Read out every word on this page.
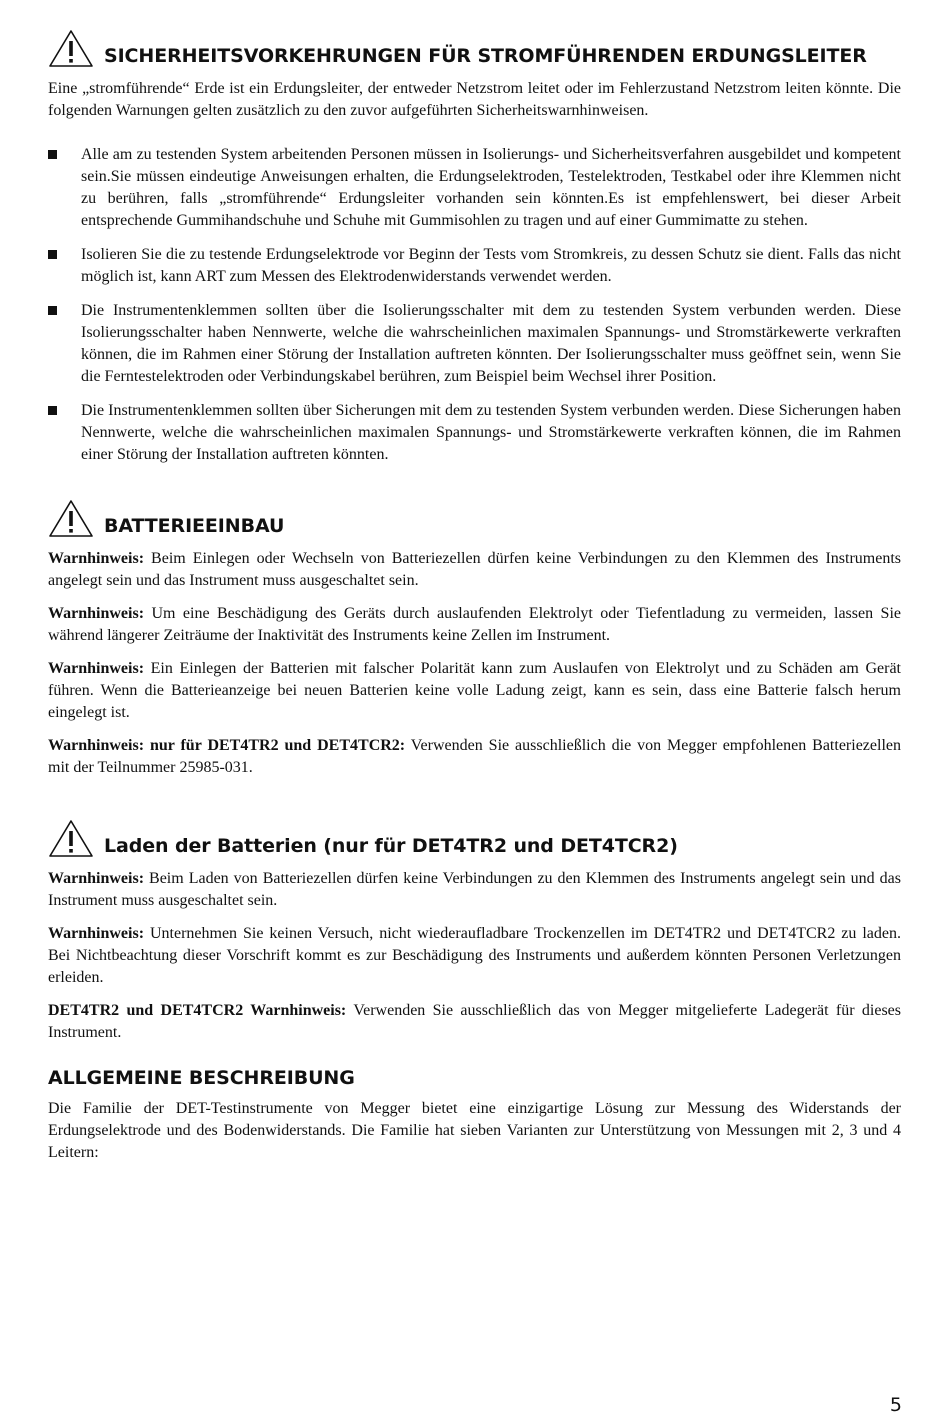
SICHERHEITSVORKEHRUNGEN FÜR STROMFÜHRENDEN ERDUNGSLEITER

Eine „stromführende“ Erde ist ein Erdungsleiter, der entweder Netzstrom leitet oder im Fehlerzustand Netzstrom leiten könnte. Die folgenden Warnungen gelten zusätzlich zu den zuvor aufgeführten Sicherheitswarnhinweisen.

Alle am zu testenden System arbeitenden Personen müssen in Isolierungs- und Sicherheitsverfahren ausgebildet und kompetent sein.Sie müssen eindeutige Anweisungen erhalten, die Erdungselektroden, Testelektroden, Testkabel oder ihre Klemmen nicht zu berühren, falls „stromführende“ Erdungsleiter vorhanden sein könnten.Es ist empfehlenswert, bei dieser Arbeit entsprechende Gummihandschuhe und Schuhe mit Gummisohlen zu tragen und auf einer Gummimatte zu stehen.
Isolieren Sie die zu testende Erdungselektrode vor Beginn der Tests vom Stromkreis, zu dessen Schutz sie dient. Falls das nicht möglich ist, kann ART zum Messen des Elektrodenwiderstands verwendet werden.
Die Instrumentenklemmen sollten über die Isolierungsschalter mit dem zu testenden System verbunden werden. Diese Isolierungsschalter haben Nennwerte, welche die wahrscheinlichen maximalen Spannungs- und Stromstärkewerte verkraften können, die im Rahmen einer Störung der Installation auftreten könnten. Der Isolierungsschalter muss geöffnet sein, wenn Sie die Ferntestelektroden oder Verbindungskabel berühren, zum Beispiel beim Wechsel ihrer Position.
Die Instrumentenklemmen sollten über Sicherungen mit dem zu testenden System verbunden werden. Diese Sicherungen haben Nennwerte, welche die wahrscheinlichen maximalen Spannungs- und Stromstärkewerte verkraften können, die im Rahmen einer Störung der Installation auftreten könnten.
BATTERIEEINBAU

Warnhinweis: Beim Einlegen oder Wechseln von Batteriezellen dürfen keine Verbindungen zu den Klemmen des Instruments angelegt sein und das Instrument muss ausgeschaltet sein.

Warnhinweis: Um eine Beschädigung des Geräts durch auslaufenden Elektrolyt oder Tiefentladung zu vermeiden, lassen Sie während längerer Zeiträume der Inaktivität des Instruments keine Zellen im Instrument.

Warnhinweis: Ein Einlegen der Batterien mit falscher Polarität kann zum Auslaufen von Elektrolyt und zu Schäden am Gerät führen. Wenn die Batterieanzeige bei neuen Batterien keine volle Ladung zeigt, kann es sein, dass eine Batterie falsch herum eingelegt ist.

Warnhinweis: nur für DET4TR2 und DET4TCR2: Verwenden Sie ausschließlich die von Megger empfohlenen Batteriezellen mit der Teilnummer 25985-031.

Laden der Batterien (nur für DET4TR2 und DET4TCR2)

Warnhinweis: Beim Laden von Batteriezellen dürfen keine Verbindungen zu den Klemmen des Instruments angelegt sein und das Instrument muss ausgeschaltet sein.

Warnhinweis: Unternehmen Sie keinen Versuch, nicht wiederaufladbare Trockenzellen im DET4TR2 und DET4TCR2 zu laden. Bei Nichtbeachtung dieser Vorschrift kommt es zur Beschädigung des Instruments und außerdem könnten Personen Verletzungen erleiden.

DET4TR2 und DET4TCR2 Warnhinweis: Verwenden Sie ausschließlich das von Megger mitgelieferte Ladegerät für dieses Instrument.

ALLGEMEINE BESCHREIBUNG

Die Familie der DET-Testinstrumente von Megger bietet eine einzigartige Lösung zur Messung des Widerstands der Erdungselektrode und des Bodenwiderstands. Die Familie hat sieben Varianten zur Unterstützung von Messungen mit 2, 3 und 4 Leitern:

5
